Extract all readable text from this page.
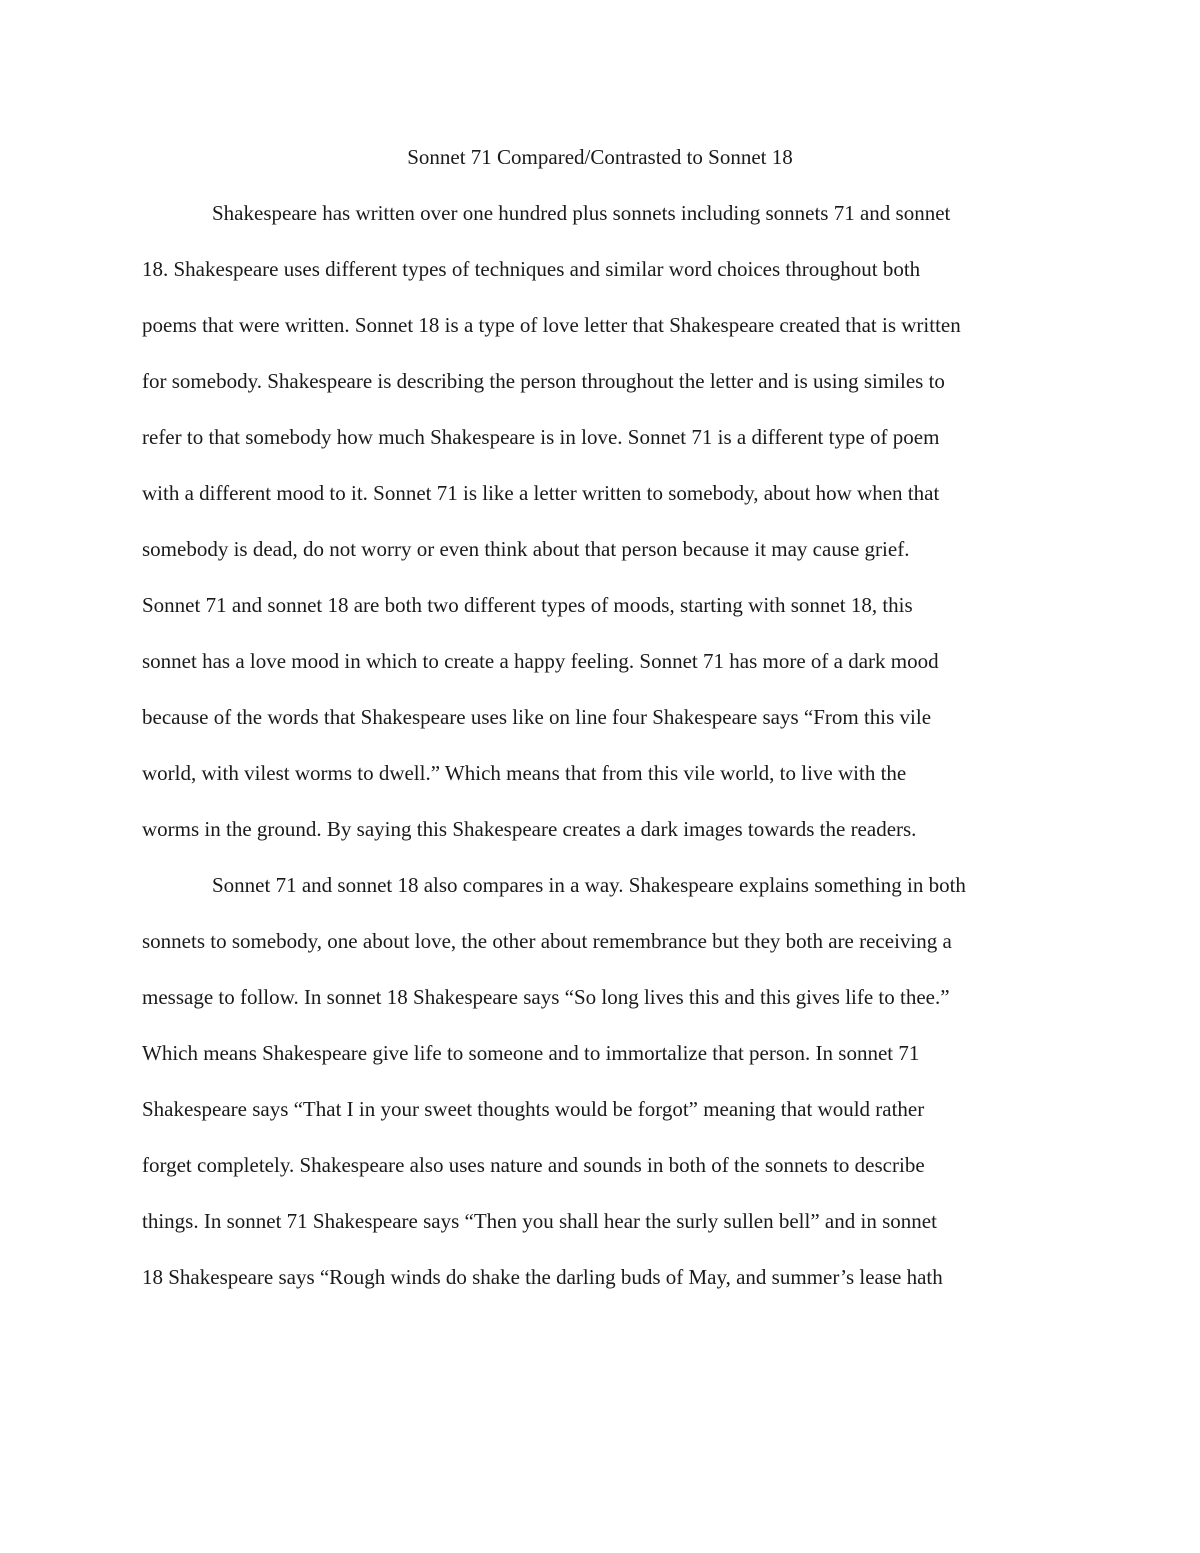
Sonnet 71 Compared/Contrasted to Sonnet 18
Shakespeare has written over one hundred plus sonnets including sonnets 71 and sonnet
18. Shakespeare uses different types of techniques and similar word choices throughout both
poems that were written. Sonnet 18 is a type of love letter that Shakespeare created that is written
for somebody. Shakespeare is describing the person throughout the letter and is using similes to
refer to that somebody how much Shakespeare is in love. Sonnet 71 is a different type of poem
with a different mood to it. Sonnet 71 is like a letter written to somebody, about how when that
somebody is dead, do not worry or even think about that person because it may cause grief.
Sonnet 71 and sonnet 18 are both two different types of moods, starting with sonnet 18, this
sonnet has a love mood in which to create a happy feeling. Sonnet 71 has more of a dark mood
because of the words that Shakespeare uses like on line four Shakespeare says “From this vile
world, with vilest worms to dwell.” Which means that from this vile world, to live with the
worms in the ground. By saying this Shakespeare creates a dark images towards the readers.
Sonnet 71 and sonnet 18 also compares in a way. Shakespeare explains something in both
sonnets to somebody, one about love, the other about remembrance but they both are receiving a
message to follow. In sonnet 18 Shakespeare says “So long lives this and this gives life to thee.”
Which means Shakespeare give life to someone and to immortalize that person. In sonnet 71
Shakespeare says “That I in your sweet thoughts would be forgot” meaning that would rather
forget completely. Shakespeare also uses nature and sounds in both of the sonnets to describe
things. In sonnet 71 Shakespeare says “Then you shall hear the surly sullen bell” and in sonnet
18 Shakespeare says “Rough winds do shake the darling buds of May, and summer’s lease hath
